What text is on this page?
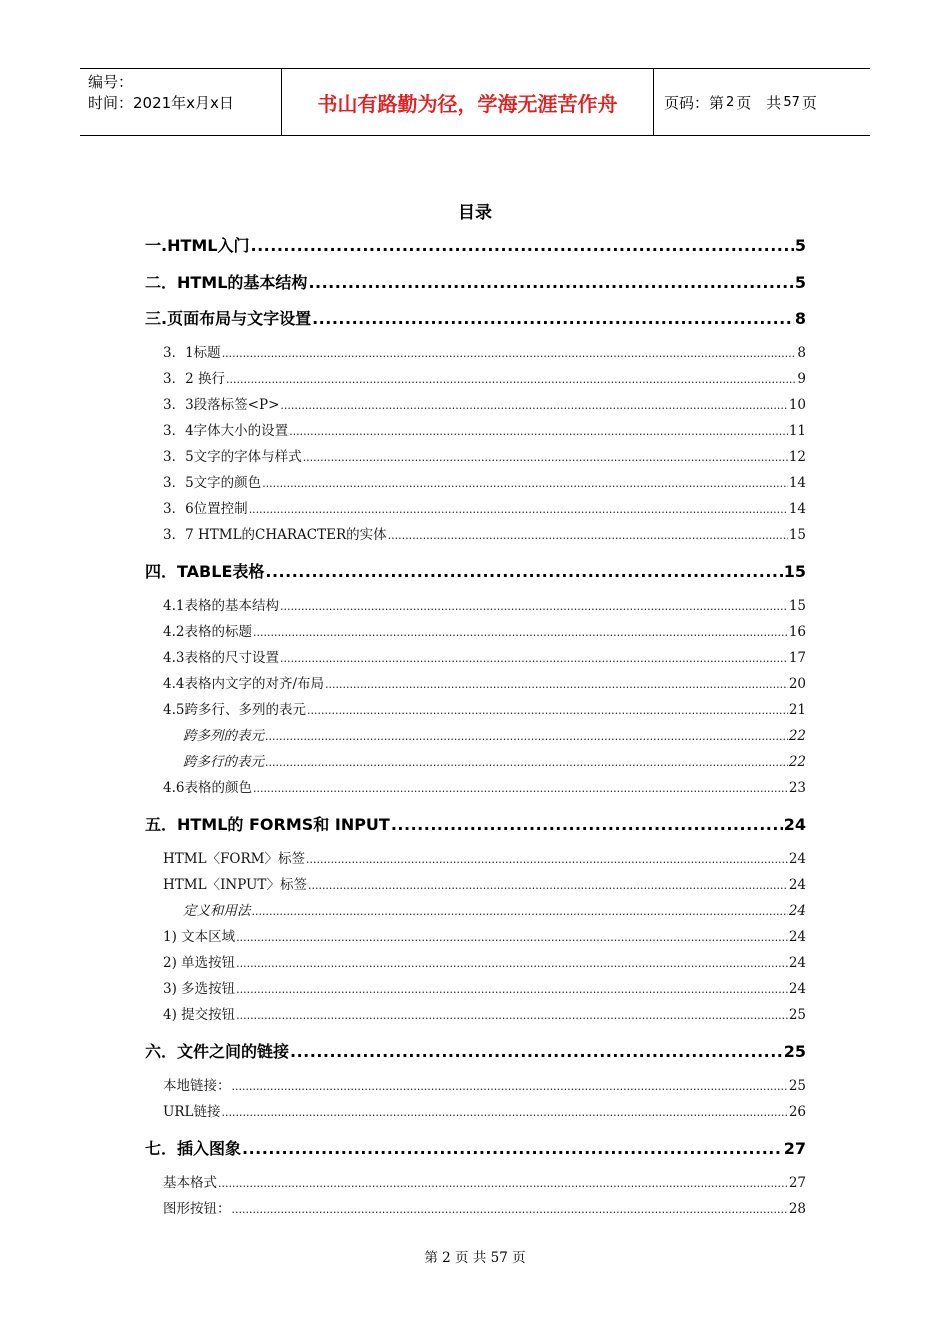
编号：
时间：2021年x月x日	书山有路勤为径，学海无涯苦作舟	页码：第 2 页　共 57 页
目录
一.HTML入门 .....	5
二．HTML的基本结构 .....	5
三.页面布局与文字设置 .....	8
3．1标题 .....	8
3．2 换行 .....	9
3．3段落标签<P> .....	10
3．4字体大小的设置 .....	11
3．5文字的字体与样式 .....	12
3．5文字的颜色 .....	14
3．6位置控制 .....	14
3．7 HTML的CHARACTER的实体 .....	15
四．TABLE表格 .....	15
4.1表格的基本结构 .....	15
4.2表格的标题 .....	16
4.3表格的尺寸设置 .....	17
4.4表格内文字的对齐/布局 .....	20
4.5跨多行、多列的表元 .....	21
跨多列的表元 .....	22
跨多行的表元 .....	22
4.6表格的颜色 .....	23
五．HTML的 FORMS和 INPUT .....	24
HTML〈FORM〉标签 .....	24
HTML〈INPUT〉标签 .....	24
定义和用法 .....	24
1) 文本区域 .....	24
2) 单选按钮 .....	24
3) 多选按钮 .....	24
4) 提交按钮 .....	25
六．文件之间的链接 .....	25
本地链接： .....	25
URL链接 .....	26
七．插入图象 .....	27
基本格式 .....	27
图形按钮： .....	28
第 2 页 共 57 页
